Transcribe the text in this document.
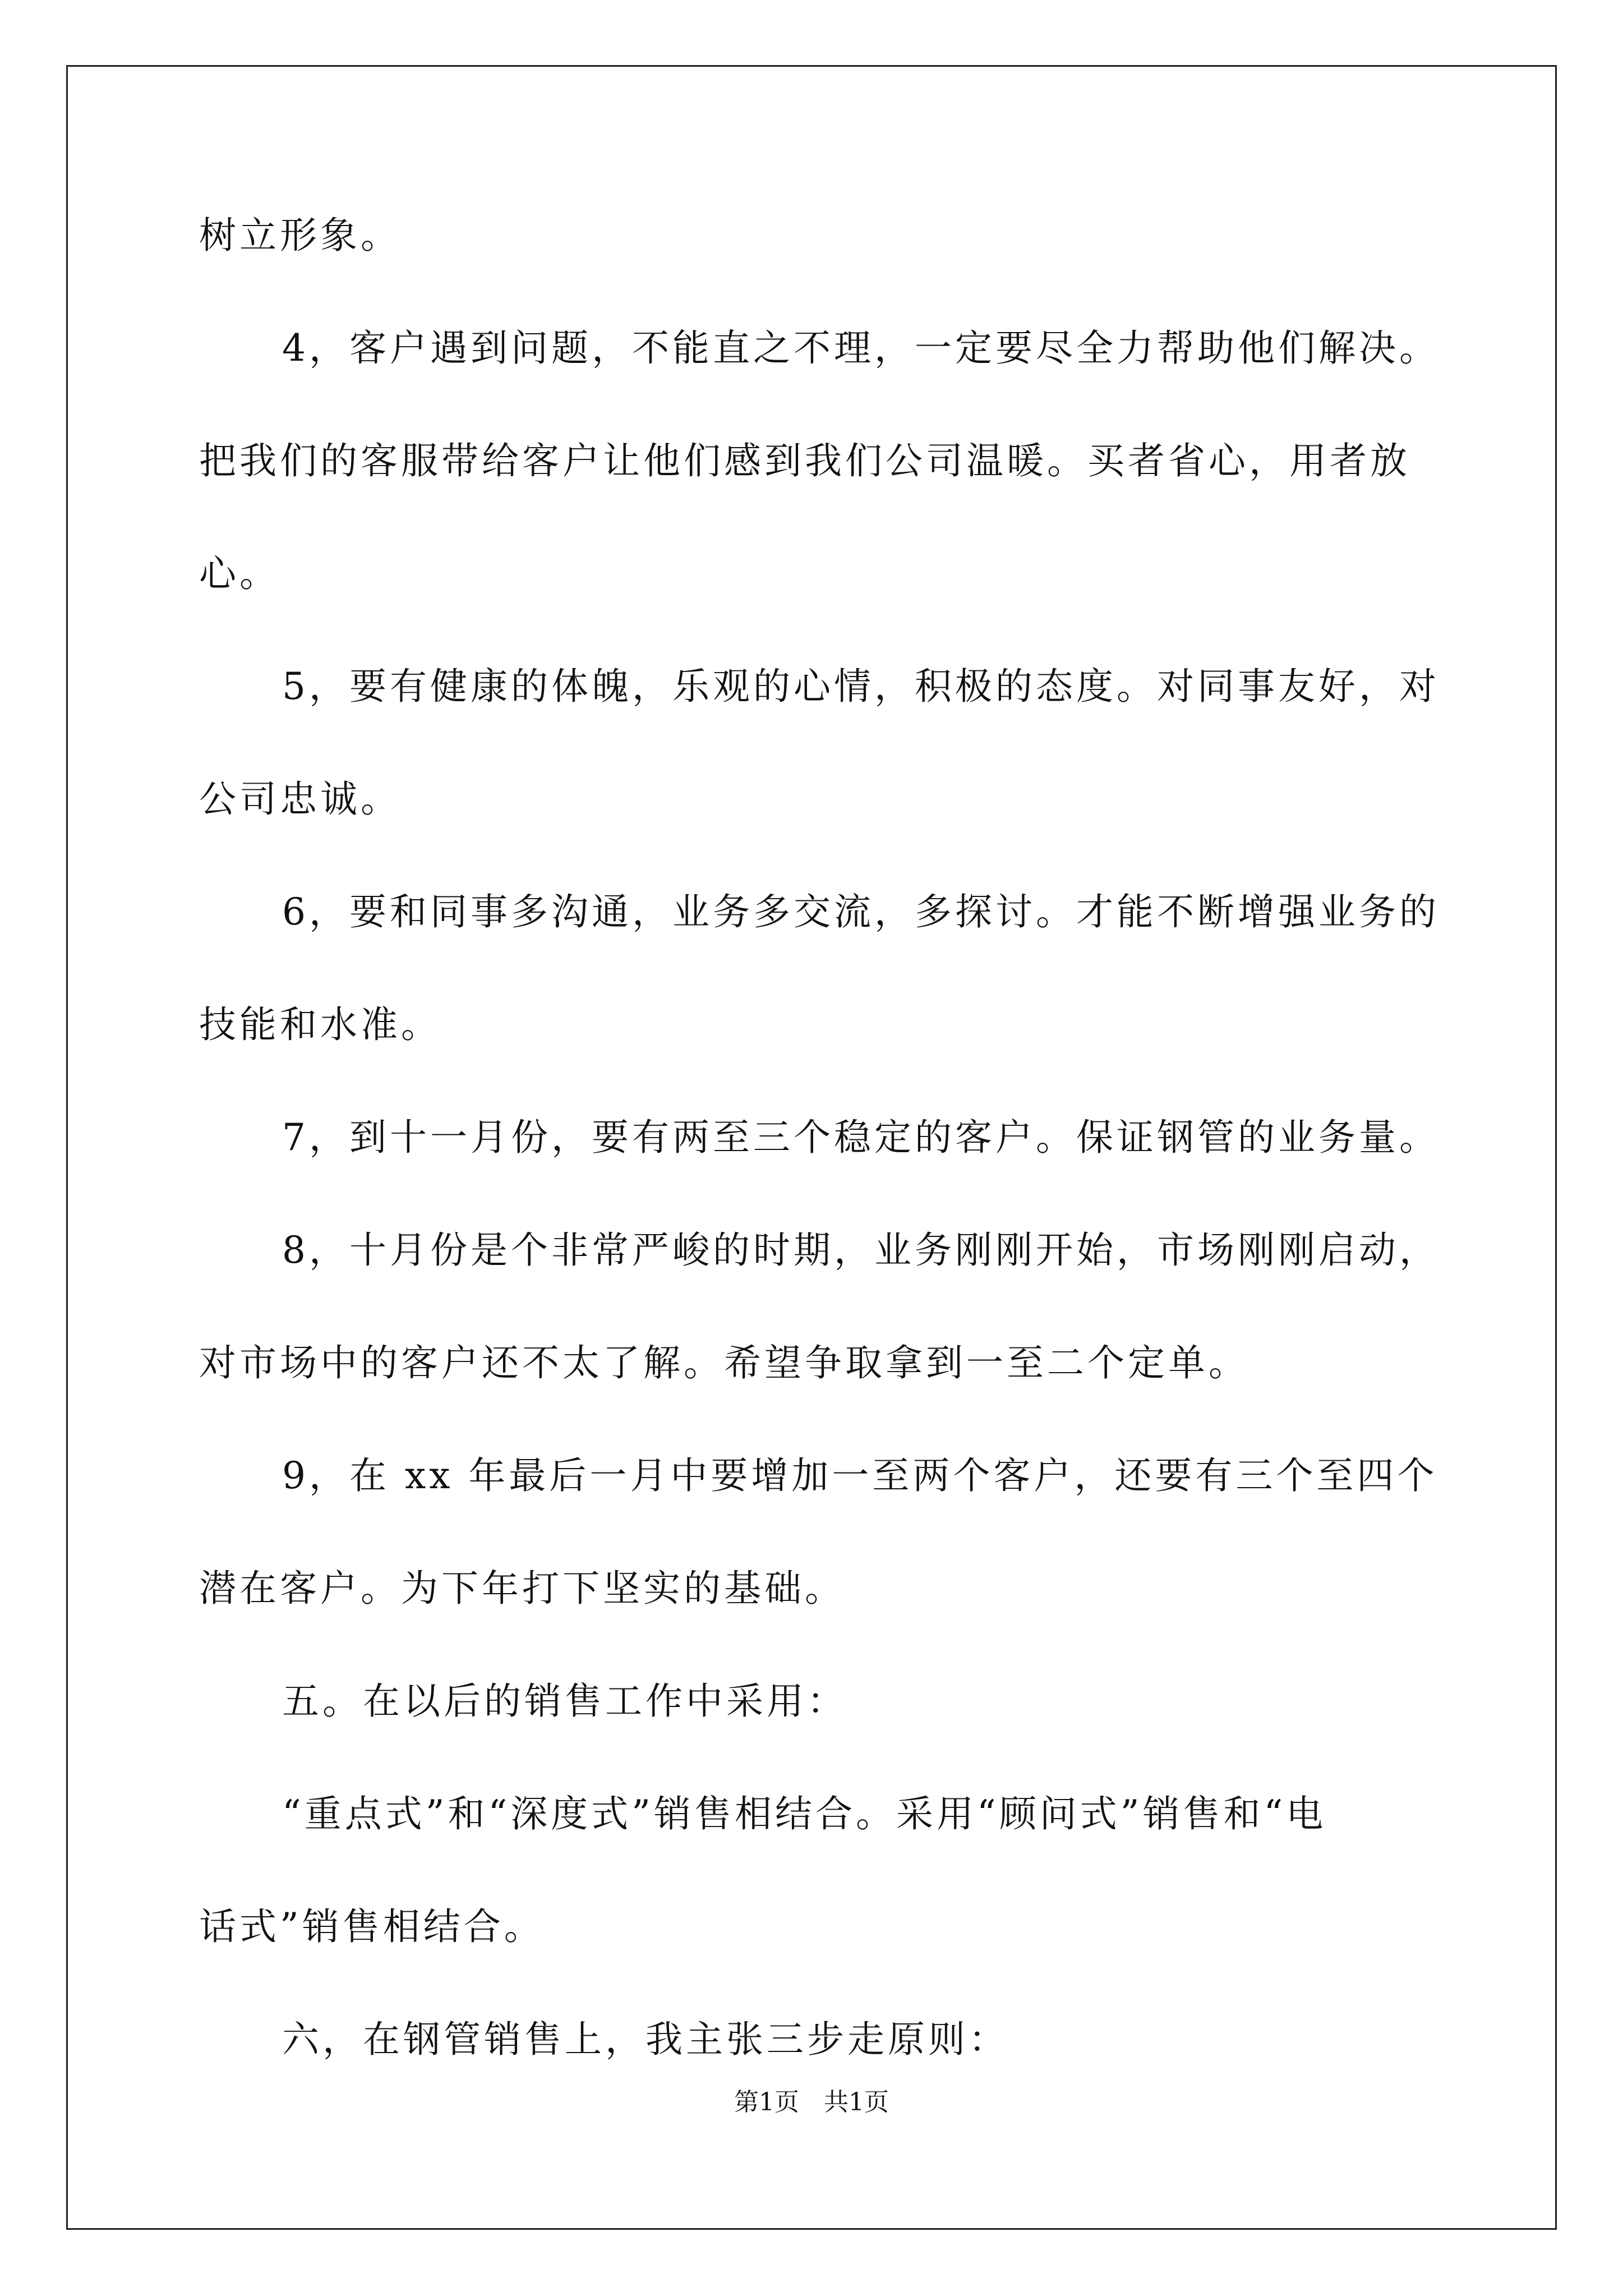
树立形象。
4，客户遇到问题，不能直之不理，一定要尽全力帮助他们解决。
把我们的客服带给客户让他们感到我们公司温暖。买者省心，用者放
心。
5，要有健康的体魄，乐观的心情，积极的态度。对同事友好，对
公司忠诚。
6，要和同事多沟通，业务多交流，多探讨。才能不断增强业务的
技能和水准。
7，到十一月份，要有两至三个稳定的客户。保证钢管的业务量。
8，十月份是个非常严峻的时期，业务刚刚开始，市场刚刚启动，
对市场中的客户还不太了解。希望争取拿到一至二个定单。
9，在 xx 年最后一月中要增加一至两个客户，还要有三个至四个
潜在客户。为下年打下坚实的基础。
五。在以后的销售工作中采用：
“重点式”和“深度式”销售相结合。采用“顾问式”销售和“电
话式”销售相结合。
六，在钢管销售上，我主张三步走原则：
第1页　共1页
